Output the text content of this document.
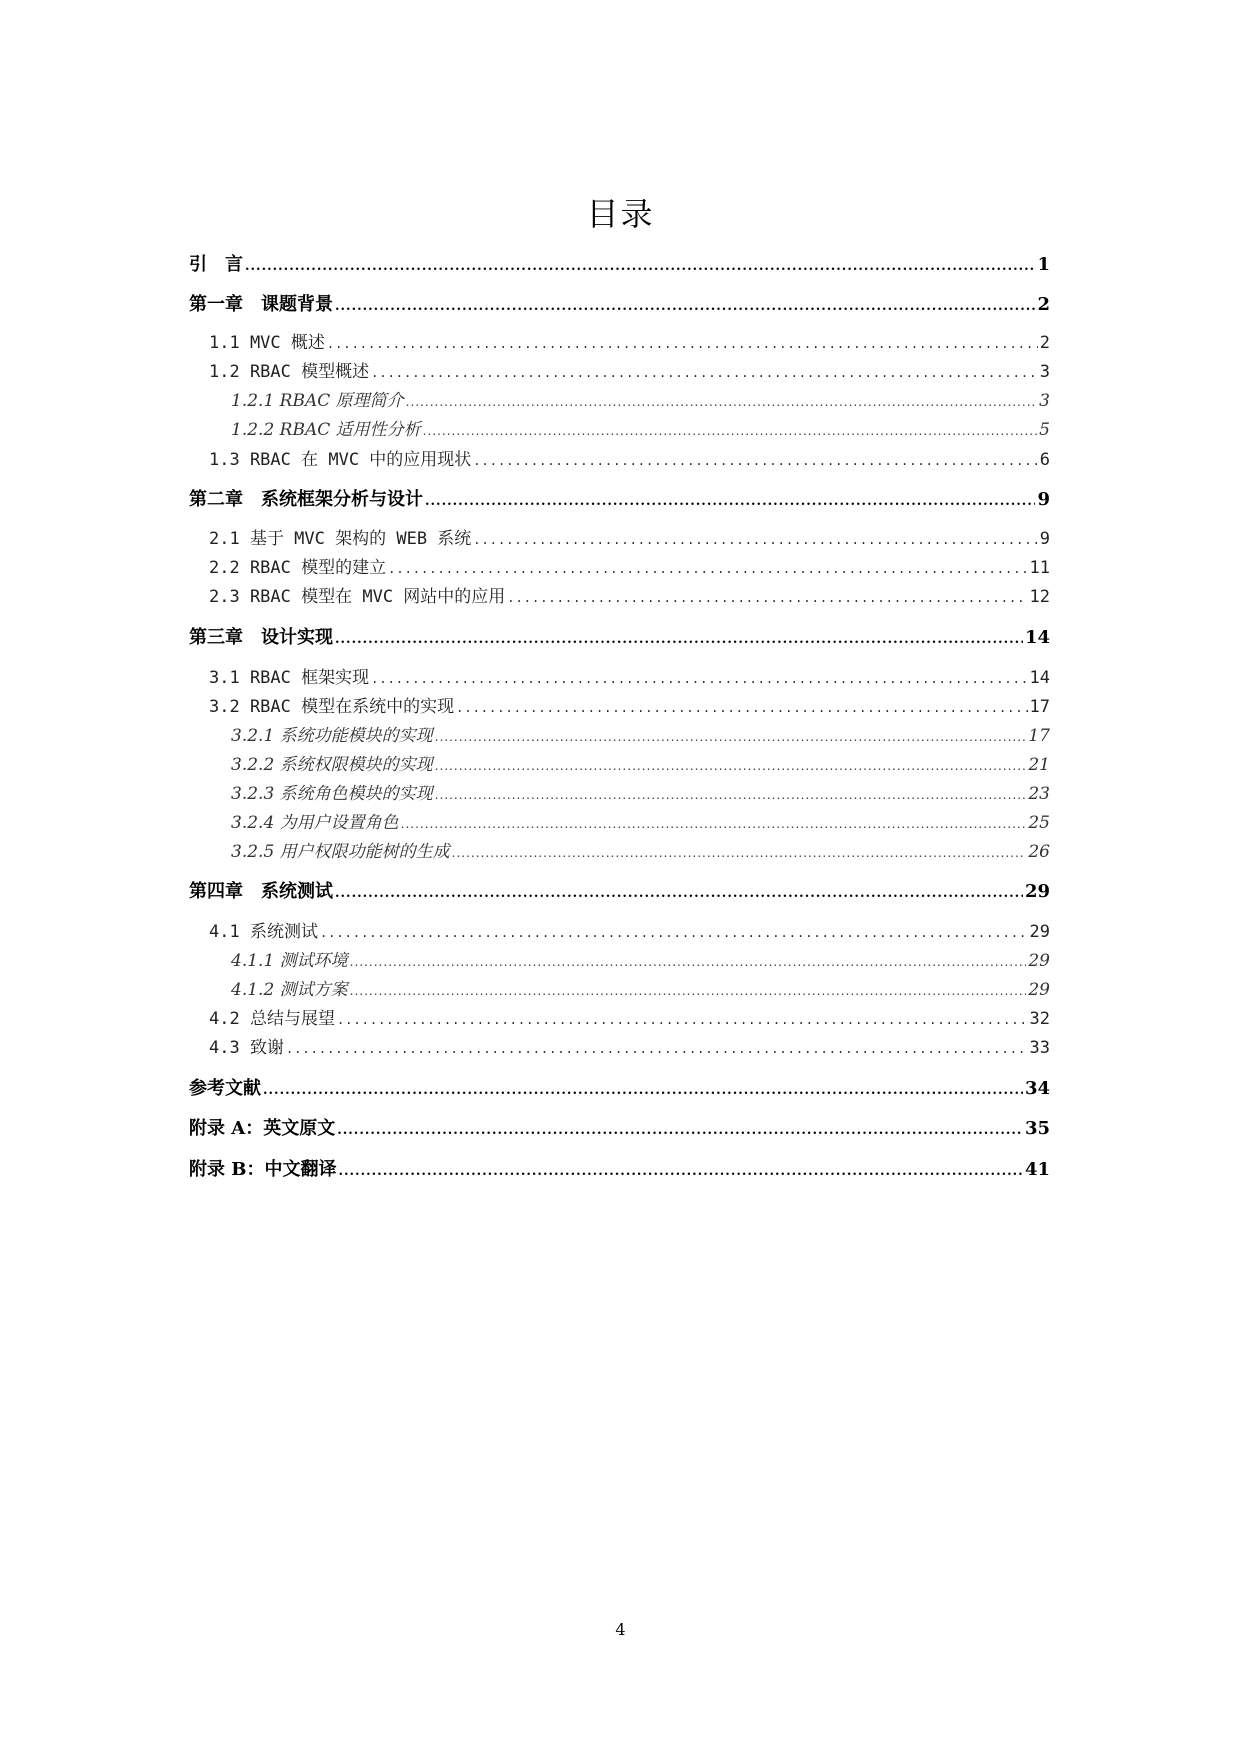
目录
引　言 .....	1
第一章　课题背景 .....	2
1.1 MVC 概述 .....	2
1.2 RBAC 模型概述 .....	3
1.2.1 RBAC 原理简介 .....	3
1.2.2 RBAC 适用性分析 .....	5
1.3 RBAC 在 MVC 中的应用现状 .....	6
第二章　系统框架分析与设计 .....	9
2.1 基于 MVC 架构的 WEB 系统 .....	9
2.2 RBAC 模型的建立 .....	11
2.3 RBAC 模型在 MVC 网站中的应用 .....	12
第三章　设计实现 .....	14
3.1 RBAC 框架实现 .....	14
3.2 RBAC 模型在系统中的实现 .....	17
3.2.1 系统功能模块的实现 .....	17
3.2.2 系统权限模块的实现 .....	21
3.2.3 系统角色模块的实现 .....	23
3.2.4 为用户设置角色 .....	25
3.2.5 用户权限功能树的生成 .....	26
第四章　系统测试 .....	29
4.1 系统测试 .....	29
4.1.1 测试环境 .....	29
4.1.2 测试方案 .....	29
4.2 总结与展望 .....	32
4.3 致谢 .....	33
参考文献 .....	34
附录 A：英文原文 .....	35
附录 B：中文翻译 .....	41
4
